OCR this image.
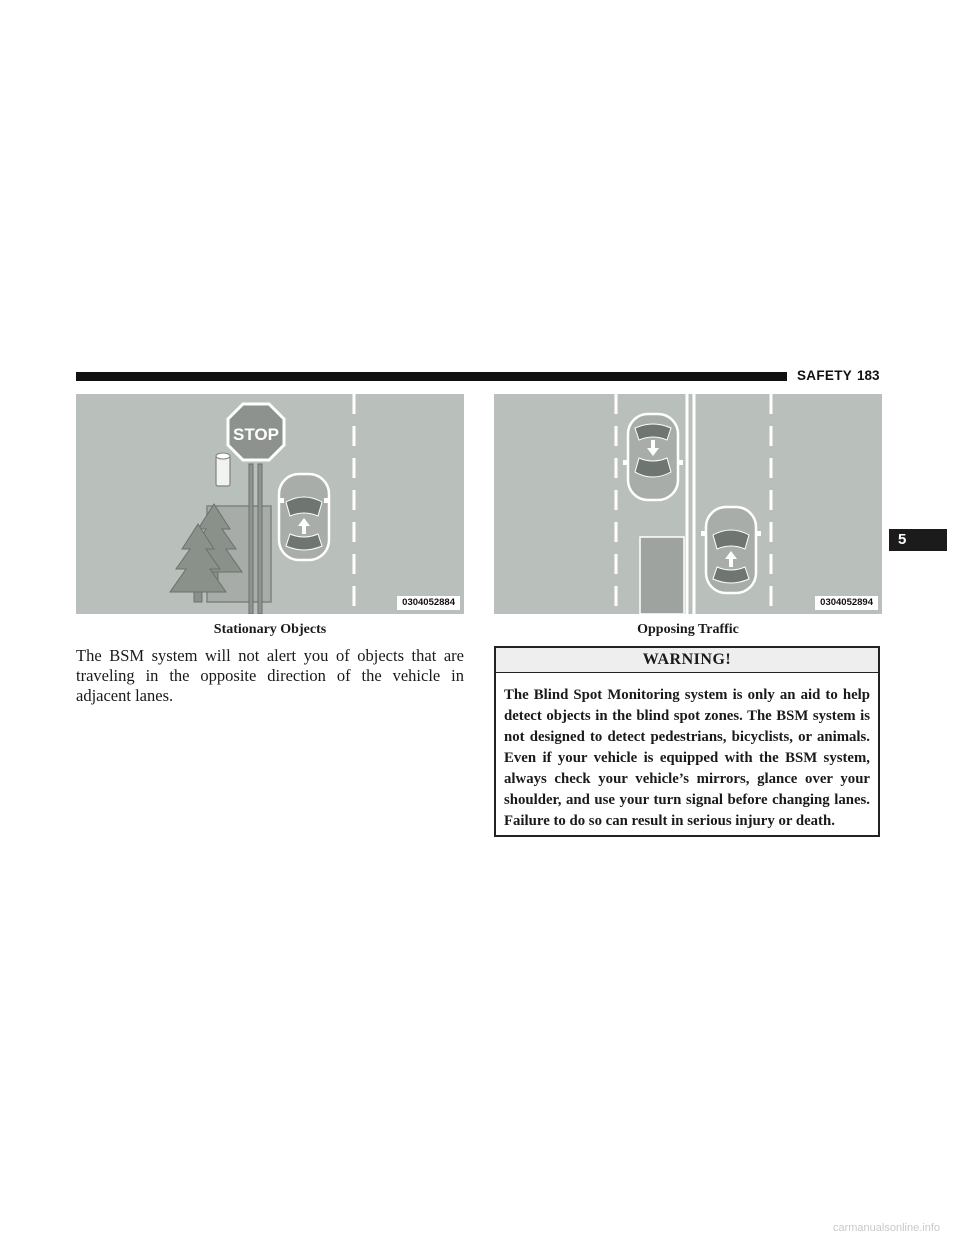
SAFETY 183
5
STOP
0304052884
Stationary Objects
0304052894
Opposing Traffic
The BSM system will not alert you of objects that are traveling in the opposite direction of the vehicle in adjacent lanes.
WARNING!
The Blind Spot Monitoring system is only an aid to help detect objects in the blind spot zones. The BSM system is not designed to detect pedestrians, bicyclists, or animals. Even if your vehicle is equipped with the BSM system, always check your vehicle’s mirrors, glance over your shoulder, and use your turn signal before changing lanes. Failure to do so can result in serious injury or death.
carmanualsonline.info
